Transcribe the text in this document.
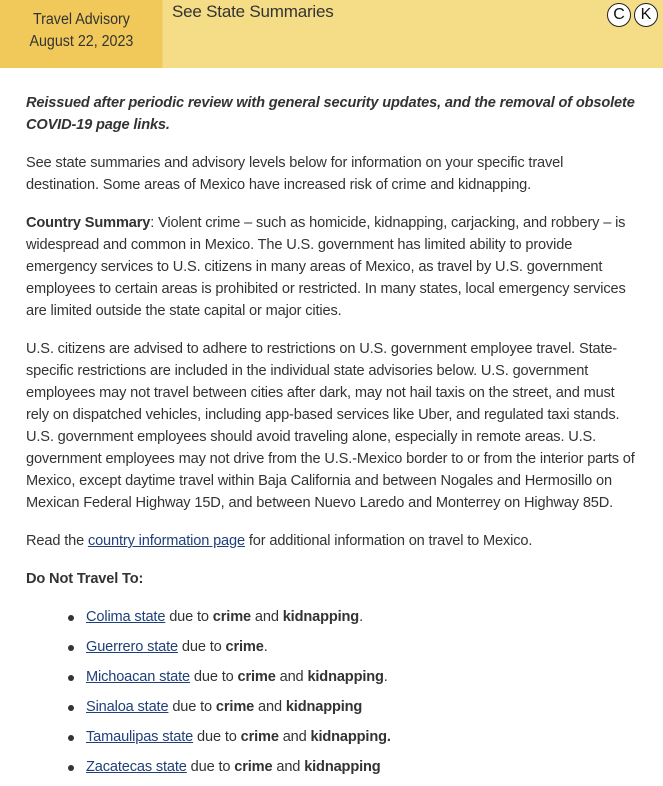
Travel Advisory
August 22, 2023
See State Summaries	C K

Reissued after periodic review with general security updates, and the removal of obsolete COVID-19 page links.

See state summaries and advisory levels below for information on your specific travel destination. Some areas of Mexico have increased risk of crime and kidnapping.

Country Summary: Violent crime – such as homicide, kidnapping, carjacking, and robbery – is widespread and common in Mexico. The U.S. government has limited ability to provide emergency services to U.S. citizens in many areas of Mexico, as travel by U.S. government employees to certain areas is prohibited or restricted. In many states, local emergency services are limited outside the state capital or major cities.

U.S. citizens are advised to adhere to restrictions on U.S. government employee travel. State-specific restrictions are included in the individual state advisories below. U.S. government employees may not travel between cities after dark, may not hail taxis on the street, and must rely on dispatched vehicles, including app-based services like Uber, and regulated taxi stands. U.S. government employees should avoid traveling alone, especially in remote areas. U.S. government employees may not drive from the U.S.-Mexico border to or from the interior parts of Mexico, except daytime travel within Baja California and between Nogales and Hermosillo on Mexican Federal Highway 15D, and between Nuevo Laredo and Monterrey on Highway 85D.

Read the country information page for additional information on travel to Mexico.

Do Not Travel To:
Colima state due to crime and kidnapping.
Guerrero state due to crime.
Michoacan state due to crime and kidnapping.
Sinaloa state due to crime and kidnapping
Tamaulipas state due to crime and kidnapping.
Zacatecas state due to crime and kidnapping
